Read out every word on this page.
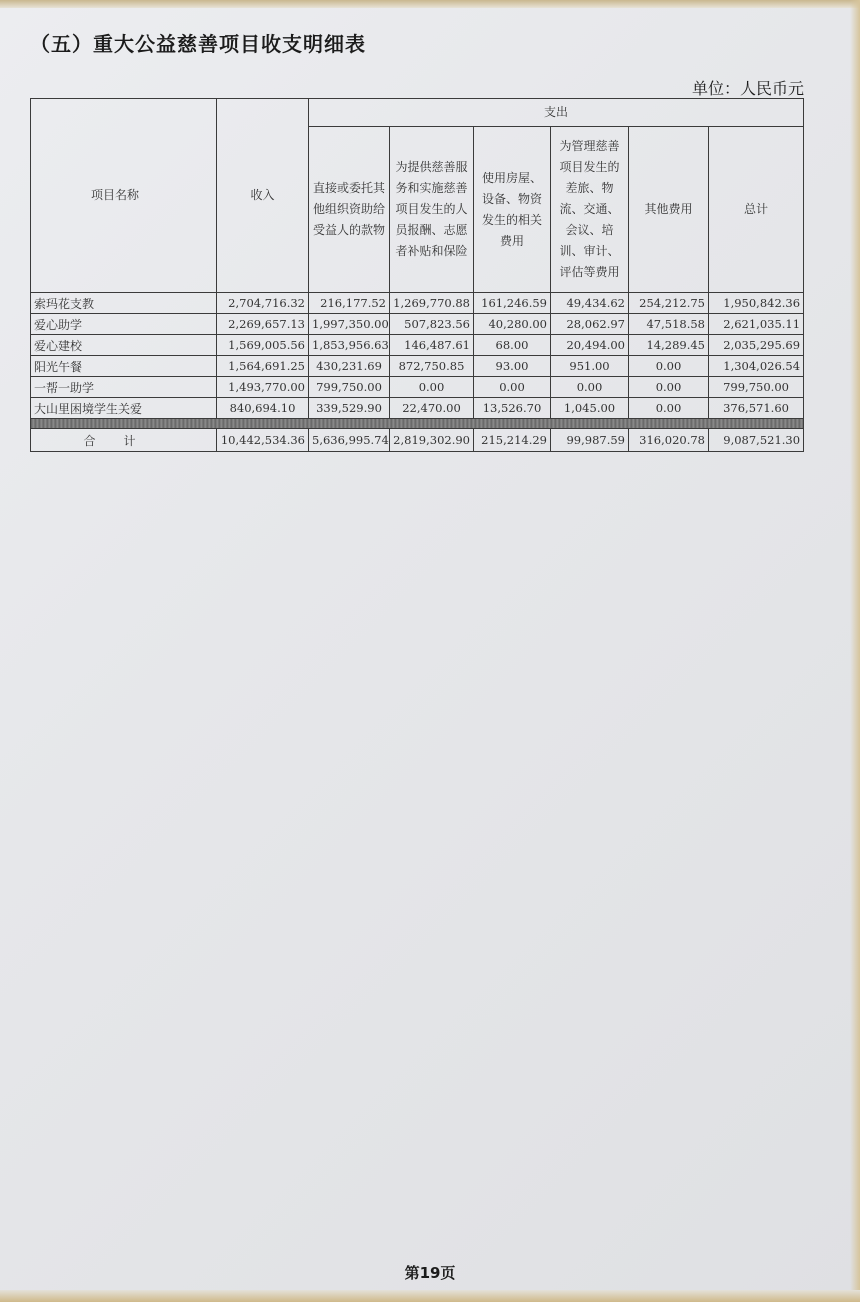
（五）重大公益慈善项目收支明细表
单位：人民币元
项目名称	收入	支出					
		直接或委托其他组织资助给受益人的款物	为提供慈善服务和实施慈善项目发生的人员报酬、志愿者补贴和保险	使用房屋、设备、物资发生的相关费用	为管理慈善项目发生的差旅、物流、交通、会议、培训、审计、评估等费用	其他费用	总计
索玛花支教	2,704,716.32	216,177.52	1,269,770.88	161,246.59	49,434.62	254,212.75	1,950,842.36
爱心助学	2,269,657.13	1,997,350.00	507,823.56	40,280.00	28,062.97	47,518.58	2,621,035.11
爱心建校	1,569,005.56	1,853,956.63	146,487.61	68.00	20,494.00	14,289.45	2,035,295.69
阳光午餐	1,564,691.25	430,231.69	872,750.85	93.00	951.00	0.00	1,304,026.54
一帮一助学	1,493,770.00	799,750.00	0.00	0.00	0.00	0.00	799,750.00
大山里困境学生关爱	840,694.10	339,529.90	22,470.00	13,526.70	1,045.00	0.00	376,571.60

合计	10,442,534.36	5,636,995.74	2,819,302.90	215,214.29	99,987.59	316,020.78	9,087,521.30
第19页
